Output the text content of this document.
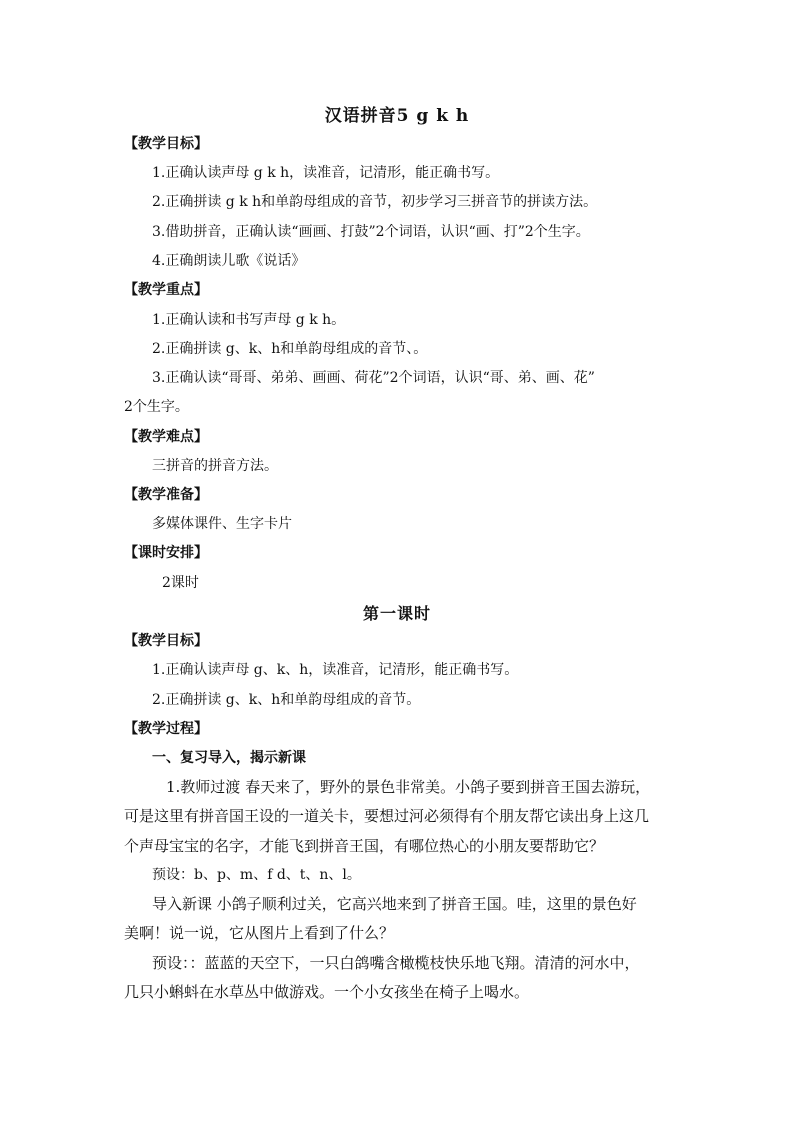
汉语拼音5 g k h
【教学目标】
1.正确认读声母 g k h，读准音，记清形，能正确书写。
2.正确拼读 g k h和单韵母组成的音节，初步学习三拼音节的拼读方法。
3.借助拼音，正确认读“画画、打鼓”2个词语，认识“画、打”2个生字。
4.正确朗读儿歌《说话》
【教学重点】
1.正确认读和书写声母 g k h。
2.正确拼读 g、k、h和单韵母组成的音节、。
3.正确认读“哥哥、弟弟、画画、荷花”2个词语，认识“哥、弟、画、花”
2个生字。
【教学难点】
三拼音的拼音方法。
【教学准备】
多媒体课件、生字卡片
【课时安排】
2课时
第一课时
【教学目标】
1.正确认读声母 g、k、h，读准音，记清形，能正确书写。
2.正确拼读 g、k、h和单韵母组成的音节。
【教学过程】
一、复习导入，揭示新课
1.教师过渡 春天来了，野外的景色非常美。小鸽子要到拼音王国去游玩，
可是这里有拼音国王设的一道关卡，要想过河必须得有个朋友帮它读出身上这几
个声母宝宝的名字，才能飞到拼音王国，有哪位热心的小朋友要帮助它？
预设：b、p、m、f d、t、n、l。
导入新课 小鸽子顺利过关，它高兴地来到了拼音王国。哇，这里的景色好
美啊！说一说，它从图片上看到了什么？
预设：：蓝蓝的天空下，一只白鸽嘴含橄榄枝快乐地飞翔。清清的河水中，
几只小蝌蚪在水草丛中做游戏。一个小女孩坐在椅子上喝水。
